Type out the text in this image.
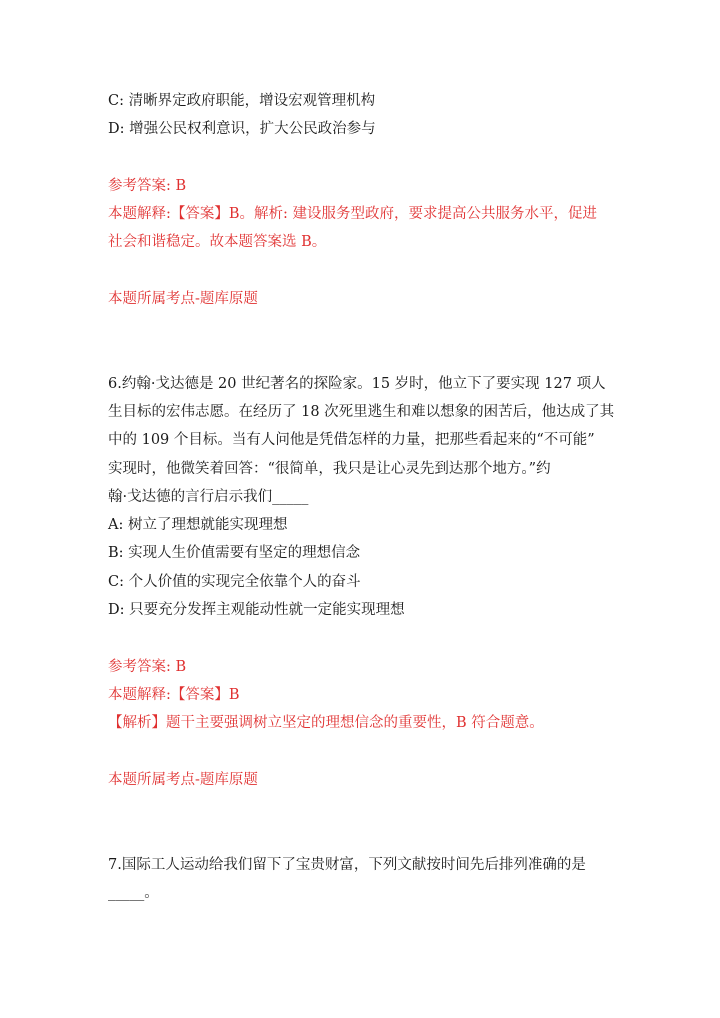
C: 清晰界定政府职能，增设宏观管理机构
D: 增强公民权利意识，扩大公民政治参与
参考答案: B
本题解释:【答案】B。解析: 建设服务型政府，要求提高公共服务水平，促进
社会和谐稳定。故本题答案选 B。
本题所属考点-题库原题
6.约翰·戈达德是 20 世纪著名的探险家。15 岁时，他立下了要实现 127 项人
生目标的宏伟志愿。在经历了 18 次死里逃生和难以想象的困苦后，他达成了其
中的 109 个目标。当有人问他是凭借怎样的力量，把那些看起来的“不可能”
实现时，他微笑着回答：“很简单，我只是让心灵先到达那个地方。”约
翰·戈达德的言行启示我们_____
A: 树立了理想就能实现理想
B: 实现人生价值需要有坚定的理想信念
C: 个人价值的实现完全依靠个人的奋斗
D: 只要充分发挥主观能动性就一定能实现理想
参考答案: B
本题解释:【答案】B
【解析】题干主要强调树立坚定的理想信念的重要性，B 符合题意。
本题所属考点-题库原题
7.国际工人运动给我们留下了宝贵财富，下列文献按时间先后排列准确的是
_____。
